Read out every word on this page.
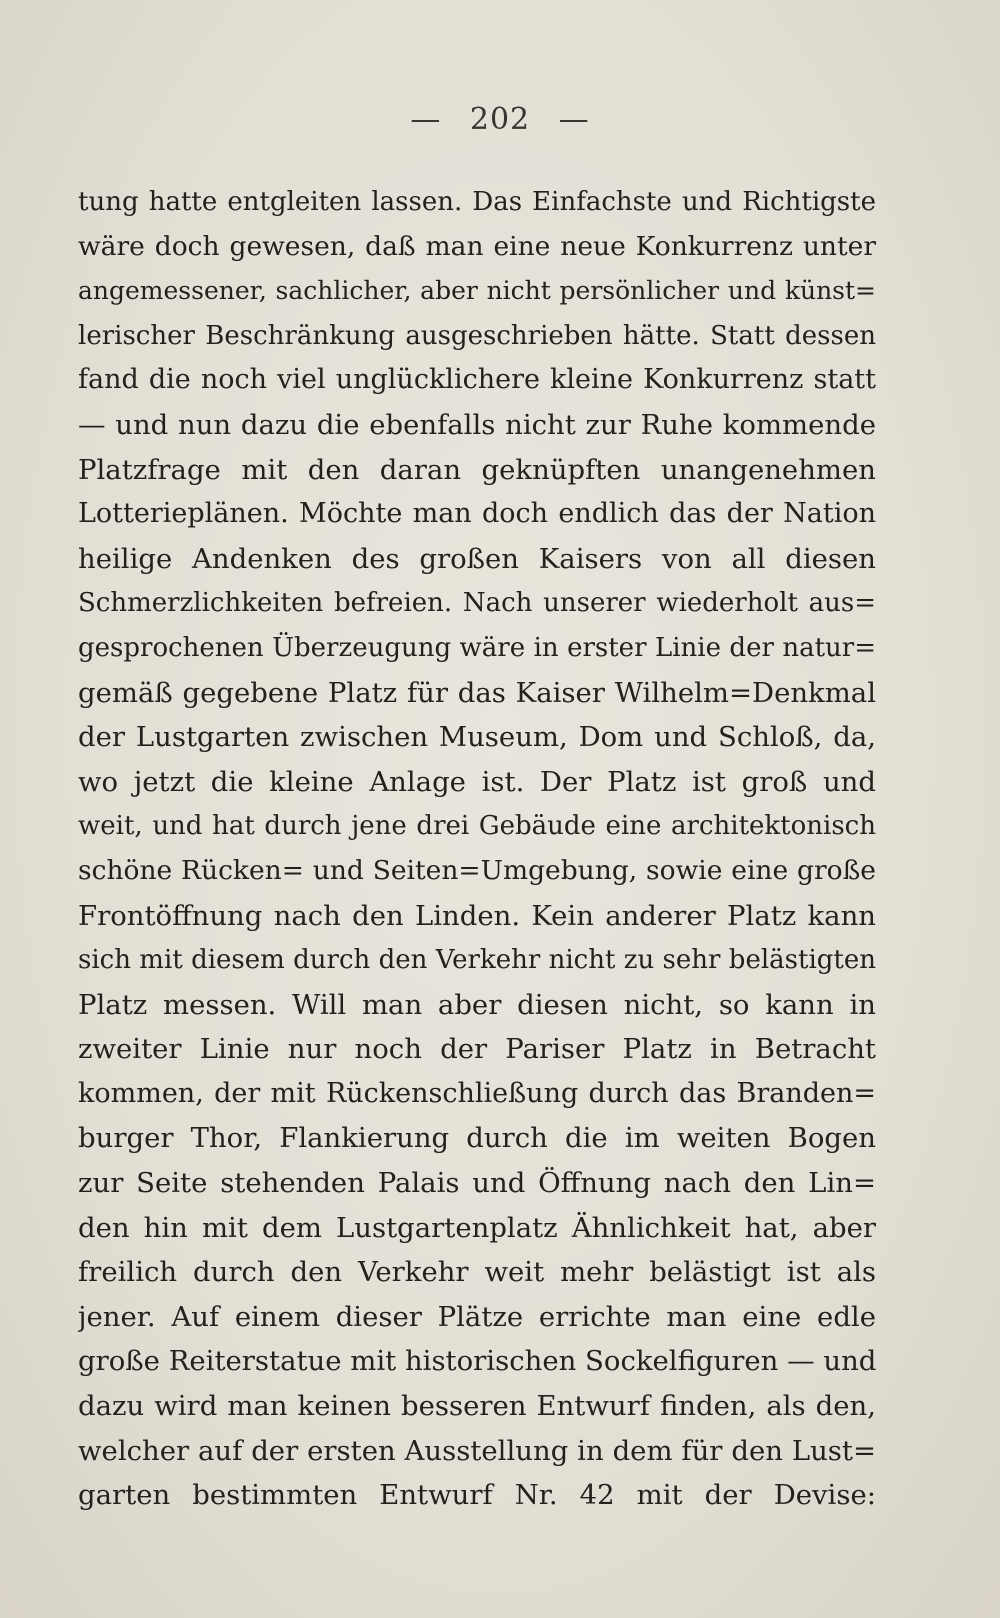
— 202 —
tung hatte entgleiten lassen. Das Einfachste und Richtigste
wäre doch gewesen, daß man eine neue Konkurrenz unter
angemessener, sachlicher, aber nicht persönlicher und künst=
lerischer Beschränkung ausgeschrieben hätte. Statt dessen
fand die noch viel unglücklichere kleine Konkurrenz statt
— und nun dazu die ebenfalls nicht zur Ruhe kommende
Platzfrage mit den daran geknüpften unangenehmen
Lotterieplänen. Möchte man doch endlich das der Nation
heilige Andenken des großen Kaisers von all diesen
Schmerzlichkeiten befreien. Nach unserer wiederholt aus=
gesprochenen Überzeugung wäre in erster Linie der natur=
gemäß gegebene Platz für das Kaiser Wilhelm=Denkmal
der Lustgarten zwischen Museum, Dom und Schloß, da,
wo jetzt die kleine Anlage ist. Der Platz ist groß und
weit, und hat durch jene drei Gebäude eine architektonisch
schöne Rücken= und Seiten=Umgebung, sowie eine große
Frontöffnung nach den Linden. Kein anderer Platz kann
sich mit diesem durch den Verkehr nicht zu sehr belästigten
Platz messen. Will man aber diesen nicht, so kann in
zweiter Linie nur noch der Pariser Platz in Betracht
kommen, der mit Rückenschließung durch das Branden=
burger Thor, Flankierung durch die im weiten Bogen
zur Seite stehenden Palais und Öffnung nach den Lin=
den hin mit dem Lustgartenplatz Ähnlichkeit hat, aber
freilich durch den Verkehr weit mehr belästigt ist als
jener. Auf einem dieser Plätze errichte man eine edle
große Reiterstatue mit historischen Sockelfiguren — und
dazu wird man keinen besseren Entwurf finden, als den,
welcher auf der ersten Ausstellung in dem für den Lust=
garten bestimmten Entwurf Nr. 42 mit der Devise:
